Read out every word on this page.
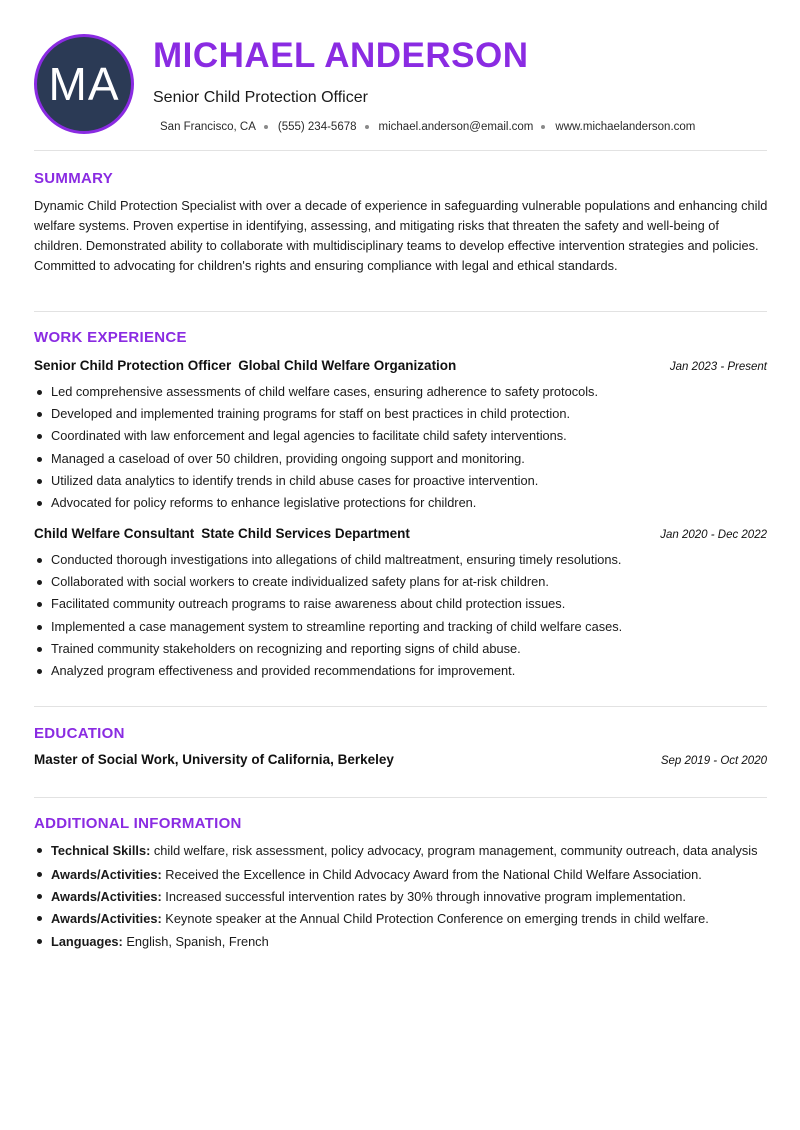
MA
MICHAEL ANDERSON
Senior Child Protection Officer
San Francisco, CA (555) 234-5678 michael.anderson@email.com www.michaelanderson.com
SUMMARY

Dynamic Child Protection Specialist with over a decade of experience in safeguarding vulnerable populations and enhancing child welfare systems. Proven expertise in identifying, assessing, and mitigating risks that threaten the safety and well-being of children. Demonstrated ability to collaborate with multidisciplinary teams to develop effective intervention strategies and policies. Committed to advocating for children's rights and ensuring compliance with legal and ethical standards.

WORK EXPERIENCE
Senior Child Protection Officer Global Child Welfare Organization	Jan 2023 - Present
Led comprehensive assessments of child welfare cases, ensuring adherence to safety protocols.
Developed and implemented training programs for staff on best practices in child protection.
Coordinated with law enforcement and legal agencies to facilitate child safety interventions.
Managed a caseload of over 50 children, providing ongoing support and monitoring.
Utilized data analytics to identify trends in child abuse cases for proactive intervention.
Advocated for policy reforms to enhance legislative protections for children.
Child Welfare Consultant State Child Services Department	Jan 2020 - Dec 2022
Conducted thorough investigations into allegations of child maltreatment, ensuring timely resolutions.
Collaborated with social workers to create individualized safety plans for at-risk children.
Facilitated community outreach programs to raise awareness about child protection issues.
Implemented a case management system to streamline reporting and tracking of child welfare cases.
Trained community stakeholders on recognizing and reporting signs of child abuse.
Analyzed program effectiveness and provided recommendations for improvement.
EDUCATION
Master of Social Work, University of California, Berkeley	Sep 2019 - Oct 2020
ADDITIONAL INFORMATION
Technical Skills: child welfare, risk assessment, policy advocacy, program management, community outreach, data analysis
Awards/Activities: Received the Excellence in Child Advocacy Award from the National Child Welfare Association.
Awards/Activities: Increased successful intervention rates by 30% through innovative program implementation.
Awards/Activities: Keynote speaker at the Annual Child Protection Conference on emerging trends in child welfare.
Languages: English , Spanish , French
